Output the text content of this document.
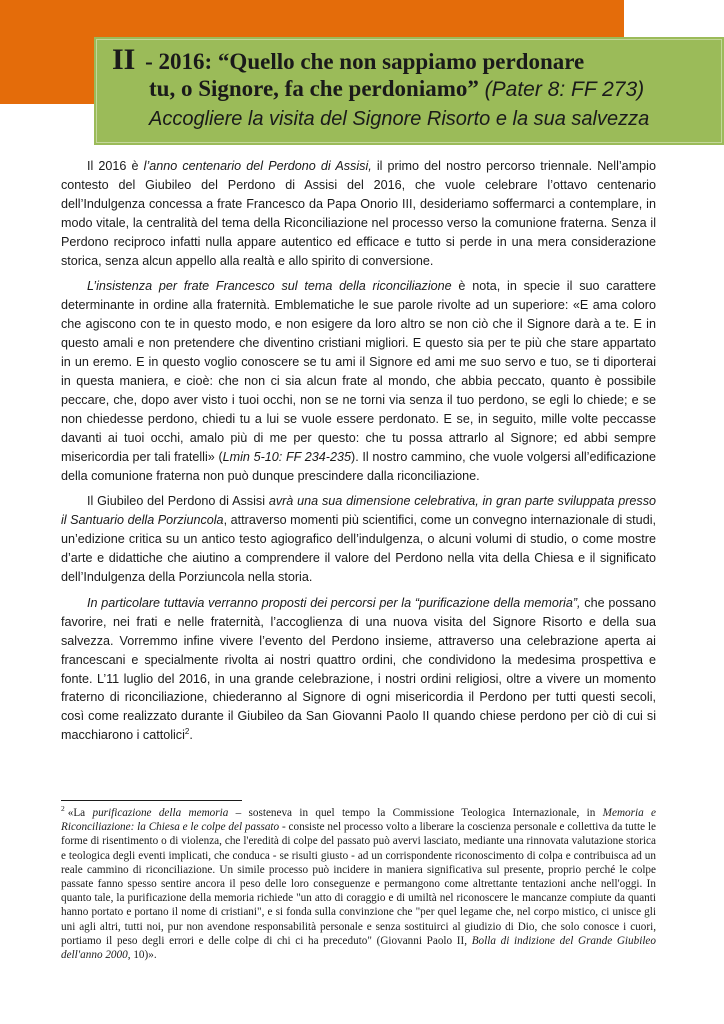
II - 2016: “Quello che non sappiamo perdonare
tu, o Signore, fa che perdoniamo” (Pater 8: FF 273)
Accogliere la visita del Signore Risorto e la sua salvezza

Il 2016 è l’anno centenario del Perdono di Assisi, il primo del nostro percorso triennale. Nell’ampio contesto del Giubileo del Perdono di Assisi del 2016, che vuole celebrare l’ottavo centenario dell’Indulgenza concessa a frate Francesco da Papa Onorio III, desideriamo soffermarci a contemplare, in modo vitale, la centralità del tema della Riconciliazione nel processo verso la comunione fraterna. Senza il Perdono reciproco infatti nulla appare autentico ed efficace e tutto si perde in una mera considerazione storica, senza alcun appello alla realtà e allo spirito di conversione.

L’insistenza per frate Francesco sul tema della riconciliazione è nota, in specie il suo carattere determinante in ordine alla fraternità. Emblematiche le sue parole rivolte ad un superiore: «E ama coloro che agiscono con te in questo modo, e non esigere da loro altro se non ciò che il Signore darà a te. E in questo amali e non pretendere che diventino cristiani migliori. E questo sia per te più che stare appartato in un eremo. E in questo voglio conoscere se tu ami il Signore ed ami me suo servo e tuo, se ti diporterai in questa maniera, e cioè: che non ci sia alcun frate al mondo, che abbia peccato, quanto è possibile peccare, che, dopo aver visto i tuoi occhi, non se ne torni via senza il tuo perdono, se egli lo chiede; e se non chiedesse perdono, chiedi tu a lui se vuole essere perdonato. E se, in seguito, mille volte peccasse davanti ai tuoi occhi, amalo più di me per questo: che tu possa attrarlo al Signore; ed abbi sempre misericordia per tali fratelli» (Lmin 5-10: FF 234-235). Il nostro cammino, che vuole volgersi all’edificazione della comunione fraterna non può dunque prescindere dalla riconciliazione.

Il Giubileo del Perdono di Assisi avrà una sua dimensione celebrativa, in gran parte sviluppata presso il Santuario della Porziuncola, attraverso momenti più scientifici, come un convegno internazionale di studi, un’edizione critica su un antico testo agiografico dell’indulgenza, o alcuni volumi di studio, o come mostre d’arte e didattiche che aiutino a comprendere il valore del Perdono nella vita della Chiesa e il significato dell’Indulgenza della Porziuncola nella storia.

In particolare tuttavia verranno proposti dei percorsi per la “purificazione della memoria”, che possano favorire, nei frati e nelle fraternità, l’accoglienza di una nuova visita del Signore Risorto e della sua salvezza. Vorremmo infine vivere l’evento del Perdono insieme, attraverso una celebrazione aperta ai francescani e specialmente rivolta ai nostri quattro ordini, che condividono la medesima prospettiva e fonte. L’11 luglio del 2016, in una grande celebrazione, i nostri ordini religiosi, oltre a vivere un momento fraterno di riconciliazione, chiederanno al Signore di ogni misericordia il Perdono per tutti questi secoli, così come realizzato durante il Giubileo da San Giovanni Paolo II quando chiese perdono per ciò di cui si macchiarono i cattolici$^2$.

$^2$ «La purificazione della memoria – sosteneva in quel tempo la Commissione Teologica Internazionale, in Memoria e Riconciliazione: la Chiesa e le colpe del passato - consiste nel processo volto a liberare la coscienza personale e collettiva da tutte le forme di risentimento o di violenza, che l'eredità di colpe del passato può avervi lasciato, mediante una rinnovata valutazione storica e teologica degli eventi implicati, che conduca - se risulti giusto - ad un corrispondente riconoscimento di colpa e contribuisca ad un reale cammino di riconciliazione. Un simile processo può incidere in maniera significativa sul presente, proprio perché le colpe passate fanno spesso sentire ancora il peso delle loro conseguenze e permangono come altrettante tentazioni anche nell'oggi. In quanto tale, la purificazione della memoria richiede "un atto di coraggio e di umiltà nel riconoscere le mancanze compiute da quanti hanno portato e portano il nome di cristiani", e si fonda sulla convinzione che "per quel legame che, nel corpo mistico, ci unisce gli uni agli altri, tutti noi, pur non avendone responsabilità personale e senza sostituirci al giudizio di Dio, che solo conosce i cuori, portiamo il peso degli errori e delle colpe di chi ci ha preceduto" (Giovanni Paolo II, Bolla di indizione del Grande Giubileo dell'anno 2000, 10)».
